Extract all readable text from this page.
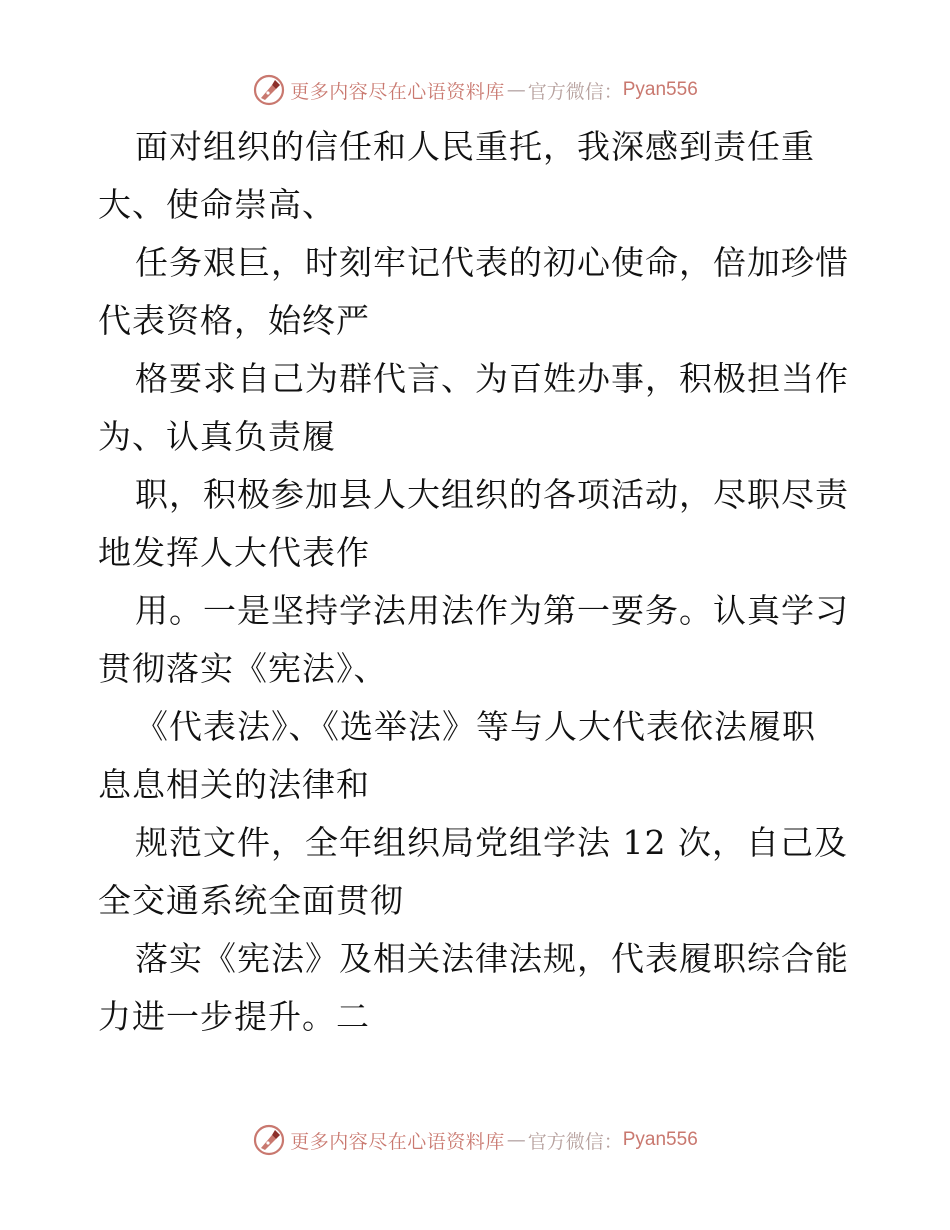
更多内容尽在心语资料库 — 官方微信： Pyan556
面对组织的信任和人民重托，我深感到责任重
大、使命崇高、
任务艰巨，时刻牢记代表的初心使命，倍加珍惜
代表资格，始终严
格要求自己为群代言、为百姓办事，积极担当作
为、认真负责履
职，积极参加县人大组织的各项活动，尽职尽责
地发挥人大代表作
用。一是坚持学法用法作为第一要务。认真学习
贯彻落实《宪法》、
《代表法》、《选举法》等与人大代表依法履职
息息相关的法律和
规范文件，全年组织局党组学法 12 次，自己及
全交通系统全面贯彻
落实《宪法》及相关法律法规，代表履职综合能
力进一步提升。二
更多内容尽在心语资料库 — 官方微信： Pyan556
